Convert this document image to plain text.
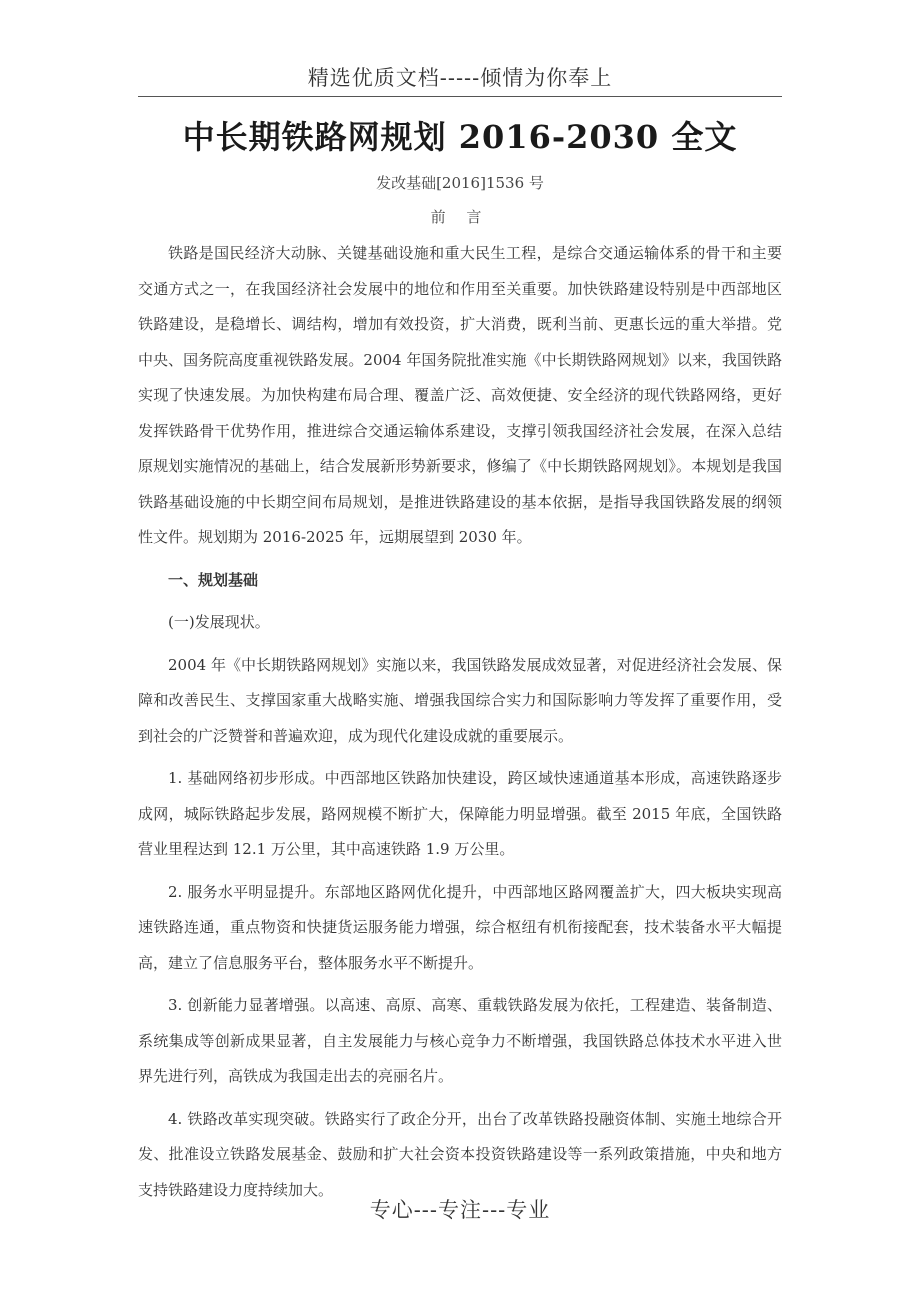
精选优质文档-----倾情为你奉上
中长期铁路网规划 2016-2030 全文
发改基础[2016]1536 号
前 言

铁路是国民经济大动脉、关键基础设施和重大民生工程，是综合交通运输体系的骨干和主要交通方式之一，在我国经济社会发展中的地位和作用至关重要。加快铁路建设特别是中西部地区铁路建设，是稳增长、调结构，增加有效投资，扩大消费，既利当前、更惠长远的重大举措。党中央、国务院高度重视铁路发展。2004 年国务院批准实施《中长期铁路网规划》以来，我国铁路实现了快速发展。为加快构建布局合理、覆盖广泛、高效便捷、安全经济的现代铁路网络，更好发挥铁路骨干优势作用，推进综合交通运输体系建设，支撑引领我国经济社会发展，在深入总结原规划实施情况的基础上，结合发展新形势新要求，修编了《中长期铁路网规划》。本规划是我国铁路基础设施的中长期空间布局规划，是推进铁路建设的基本依据，是指导我国铁路发展的纲领性文件。规划期为 2016-2025 年，远期展望到 2030 年。

一、规划基础

(一)发展现状。

2004 年《中长期铁路网规划》实施以来，我国铁路发展成效显著，对促进经济社会发展、保障和改善民生、支撑国家重大战略实施、增强我国综合实力和国际影响力等发挥了重要作用，受到社会的广泛赞誉和普遍欢迎，成为现代化建设成就的重要展示。

1. 基础网络初步形成。中西部地区铁路加快建设，跨区域快速通道基本形成，高速铁路逐步成网，城际铁路起步发展，路网规模不断扩大，保障能力明显增强。截至 2015 年底，全国铁路营业里程达到 12.1 万公里，其中高速铁路 1.9 万公里。

2. 服务水平明显提升。东部地区路网优化提升，中西部地区路网覆盖扩大，四大板块实现高速铁路连通，重点物资和快捷货运服务能力增强，综合枢纽有机衔接配套，技术装备水平大幅提高，建立了信息服务平台，整体服务水平不断提升。

3. 创新能力显著增强。以高速、高原、高寒、重载铁路发展为依托，工程建造、装备制造、系统集成等创新成果显著，自主发展能力与核心竞争力不断增强，我国铁路总体技术水平进入世界先进行列，高铁成为我国走出去的亮丽名片。

4. 铁路改革实现突破。铁路实行了政企分开，出台了改革铁路投融资体制、实施土地综合开发、批准设立铁路发展基金、鼓励和扩大社会资本投资铁路建设等一系列政策措施，中央和地方支持铁路建设力度持续加大。

专心---专注---专业
